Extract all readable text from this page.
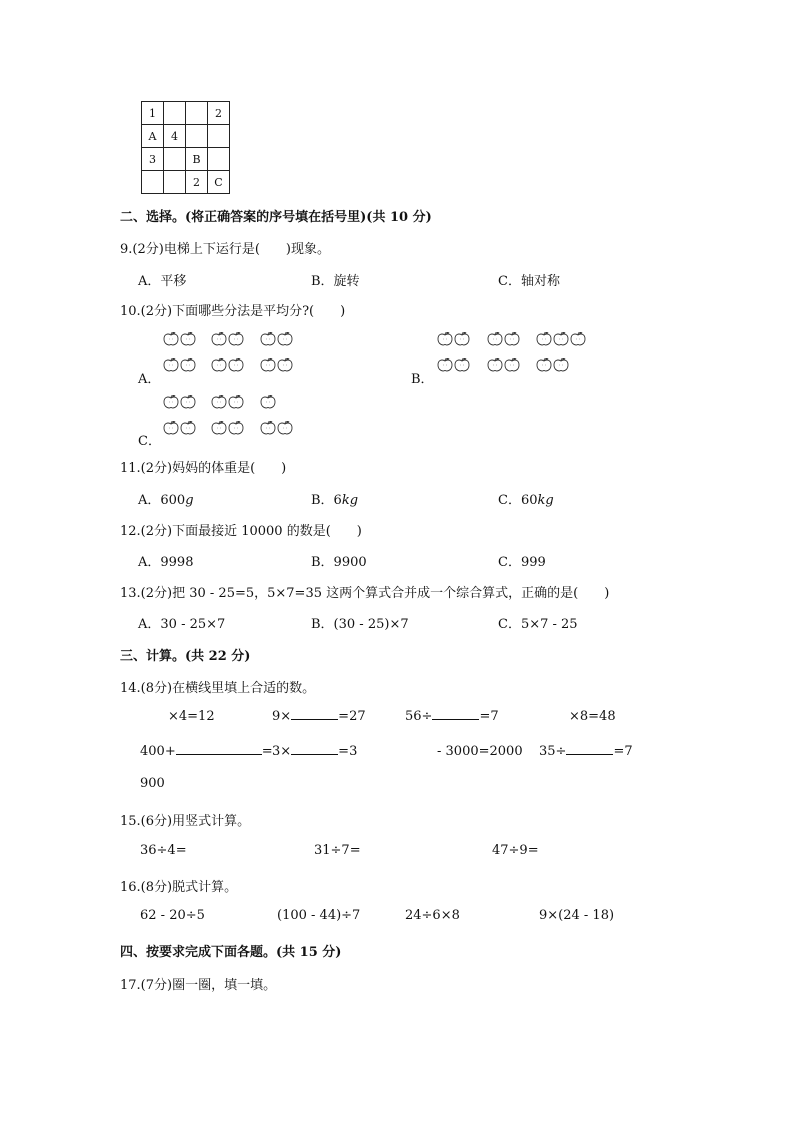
1			2
A	4		
3		B	
		2	C
二、选择。(将正确答案的序号填在括号里)(共 10 分)
9.(2分)电梯上下运行是(　　)现象。
A．平移	B．旋转	C．轴对称
10.(2分)下面哪些分法是平均分?(　　)
A．	B．
C．
11.(2分)妈妈的体重是(　　)
A．600g	B．6kg	C．60kg
12.(2分)下面最接近 10000 的数是(　　)
A．9998	B．9900	C．999
13.(2分)把 30 - 25=5，5×7=35 这两个算式合并成一个综合算式，正确的是(　　)
A．30 - 25×7	B．(30 - 25)×7	C．5×7 - 25
三、计算。(共 22 分)
14.(8分)在横线里填上合适的数。
×4=12	9×	=27	56÷	=7	×8=48
400+	= 3×	=3	- 3000=2000 35÷	=7
900
15.(6分)用竖式计算。
36÷4=	31÷7=	47÷9=
16.(8分)脱式计算。
62 - 20÷5	(100 - 44)÷7	24÷6×8	9×(24 - 18)
四、按要求完成下面各题。(共 15 分)
17.(7分)圈一圈，填一填。
